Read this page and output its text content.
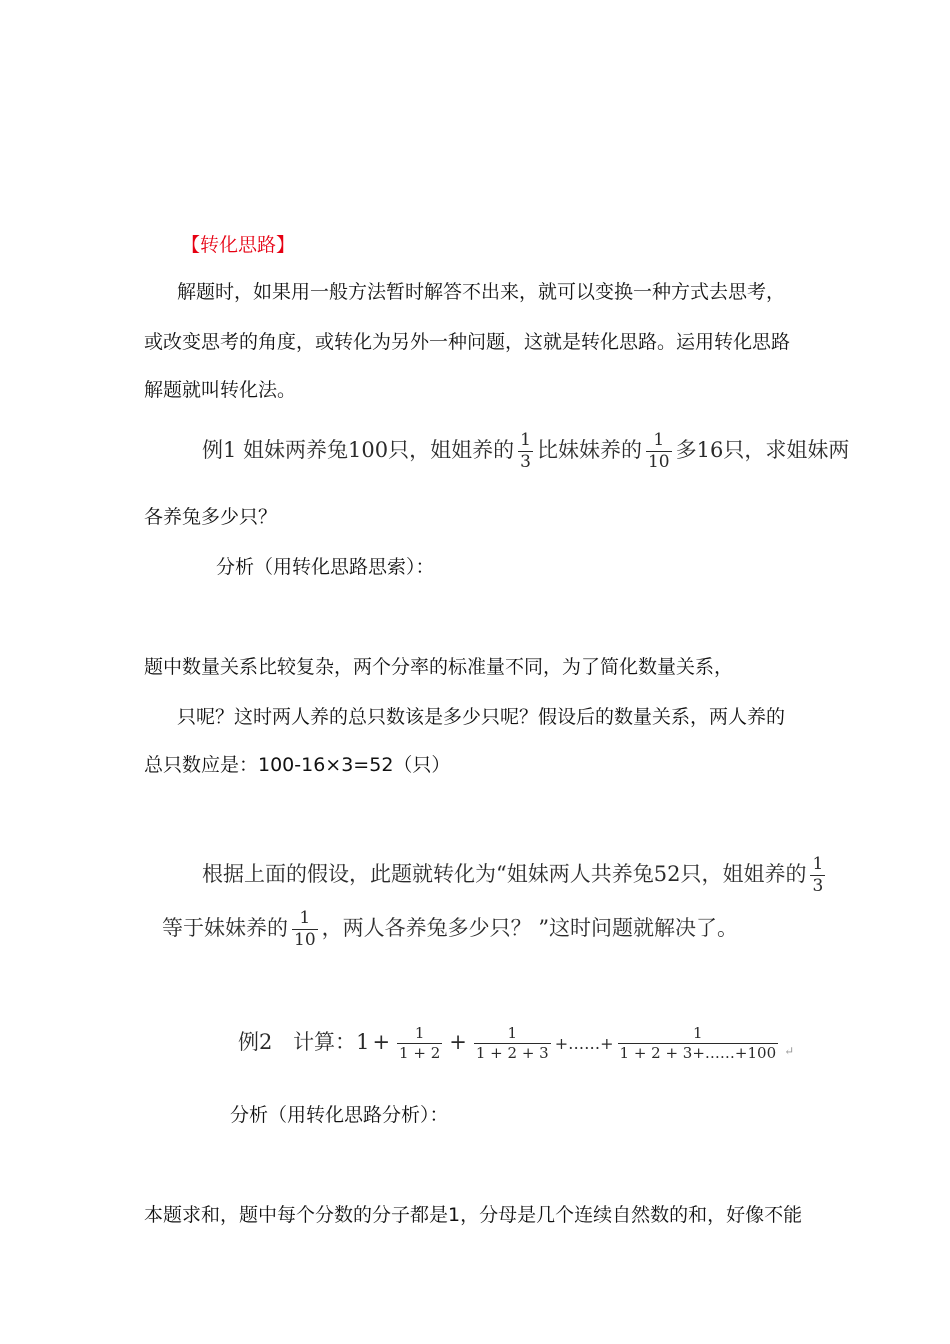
【转化思路】
解题时，如果用一般方法暂时解答不出来，就可以变换一种方式去思考，
或改变思考的角度，或转化为另外一种问题，这就是转化思路。运用转化思路
解题就叫转化法。
例1 姐妹两养兔100只，姐姐养的 $\frac{1}{3}$ 比妹妹养的 $\frac{1}{10}$ 多16只，求姐妹两
各养兔多少只？
分析（用转化思路思索）：
题中数量关系比较复杂，两个分率的标准量不同，为了简化数量关系，
只呢？这时两人养的总只数该是多少只呢？假设后的数量关系，两人养的
总只数应是：100-16×3=52（只）
根据上面的假设，此题就转化为“姐妹两人共养兔52只，姐姐养的 $\frac{1}{3}$
等于妹妹养的 $\frac{1}{10}$ ，两人各养兔多少只？ ”这时问题就解决了。
例2 计算：$1 + \frac{1}{1 + 2} + \frac{1}{1 + 2 + 3}$ +……+ $\frac{1}{1 + 2 + 3+\dots\dots+100} _↵$
分析（用转化思路分析）：
本题求和，题中每个分数的分子都是1，分母是几个连续自然数的和，好像不能
